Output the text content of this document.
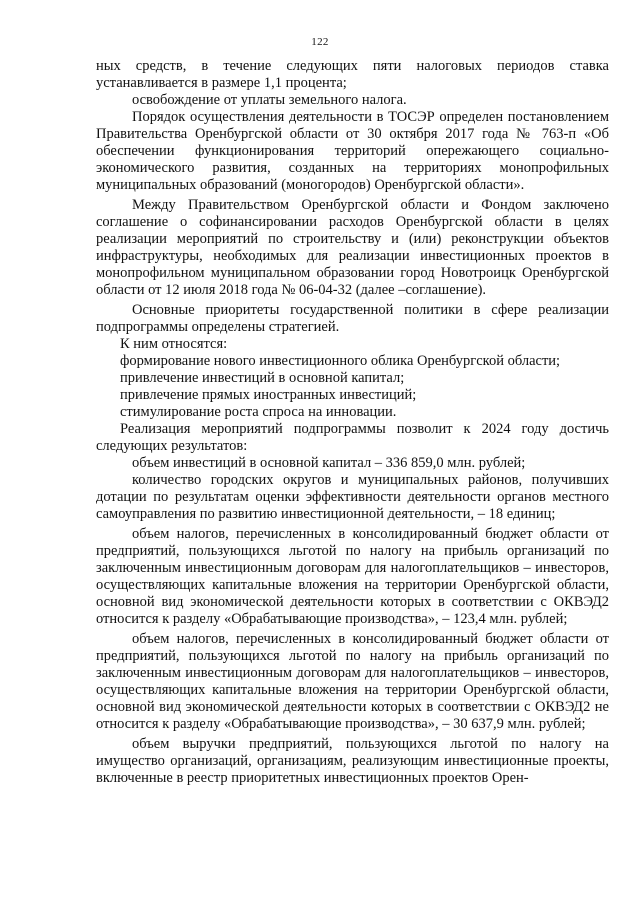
122

ных средств, в течение следующих пяти налоговых периодов ставка устанавливается в размере 1,1 процента;

освобождение от уплаты земельного налога.

Порядок осуществления деятельности в ТОСЭР определен постановлением Правительства Оренбургской области от 30 октября 2017 года № 763-п «Об обеспечении функционирования территорий опережающего социально-экономического развития, созданных на территориях монопрофильных муниципальных образований (моногородов) Оренбургской области».

Между Правительством Оренбургской области и Фондом заключено соглашение о софинансировании расходов Оренбургской области в целях реализации мероприятий по строительству и (или) реконструкции объектов инфраструктуры, необходимых для реализации инвестиционных проектов в монопрофильном муниципальном образовании город Новотроицк Оренбургской области от 12 июля 2018 года № 06-04-32 (далее –соглашение).

Основные приоритеты государственной политики в сфере реализации подпрограммы определены стратегией.

К ним относятся:

формирование нового инвестиционного облика Оренбургской области;

привлечение инвестиций в основной капитал;

привлечение прямых иностранных инвестиций;

стимулирование роста спроса на инновации.

Реализация мероприятий подпрограммы позволит к 2024 году достичь следующих результатов:

объем инвестиций в основной капитал – 336 859,0 млн. рублей;

количество городских округов и муниципальных районов, получивших дотации по результатам оценки эффективности деятельности органов местного самоуправления по развитию инвестиционной деятельности, – 18 единиц;

объем налогов, перечисленных в консолидированный бюджет области от предприятий, пользующихся льготой по налогу на прибыль организаций по заключенным инвестиционным договорам для налогоплательщиков – инвесторов, осуществляющих капитальные вложения на территории Оренбургской области, основной вид экономической деятельности которых в соответствии с ОКВЭД2 относится к разделу «Обрабатывающие производства», – 123,4 млн. рублей;

объем налогов, перечисленных в консолидированный бюджет области от предприятий, пользующихся льготой по налогу на прибыль организаций по заключенным инвестиционным договорам для налогоплательщиков – инвесторов, осуществляющих капитальные вложения на территории Оренбургской области, основной вид экономической деятельности которых в соответствии с ОКВЭД2 не относится к разделу «Обрабатывающие производства», – 30 637,9 млн. рублей;

объем выручки предприятий, пользующихся льготой по налогу на имущество организаций, организациям, реализующим инвестиционные проекты, включенные в реестр приоритетных инвестиционных проектов Орен-
